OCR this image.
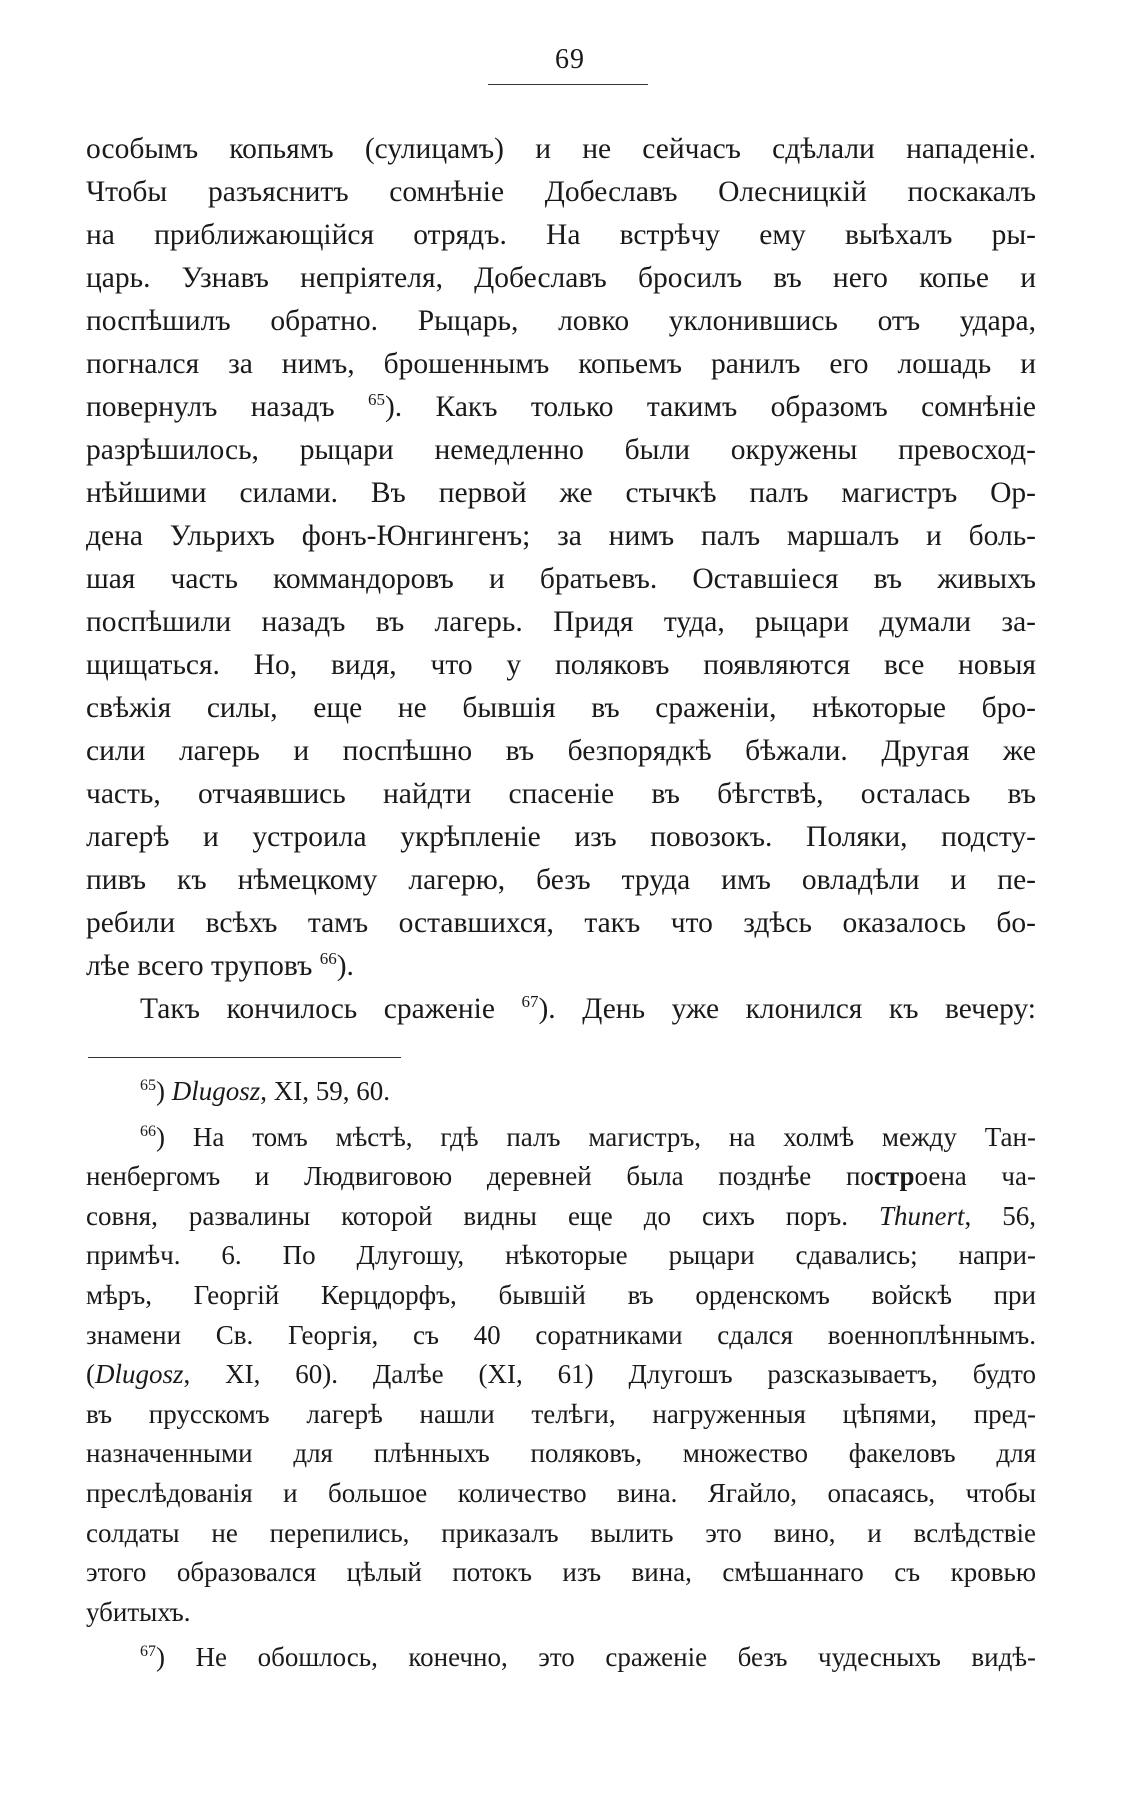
69
особымъ копьямъ (сулицамъ) и не сейчасъ сдѣлали нападеніе.
Чтобы разъяснитъ сомнѣніе Добеславъ Олесницкій поскакалъ
на приближающійся отрядъ. На встрѣчу ему выѣхалъ ры-
царь. Узнавъ непріятеля, Добеславъ бросилъ въ него копье и
поспѣшилъ обратно. Рыцарь, ловко уклонившись отъ удара,
погнался за нимъ, брошеннымъ копьемъ ранилъ его лошадь и
повернулъ назадъ $^{65}$). Какъ только такимъ образомъ сомнѣніе
разрѣшилось, рыцари немедленно были окружены превосход-
нѣйшими силами. Въ первой же стычкѣ палъ магистръ Ор-
дена Ульрихъ фонъ-Юнгингенъ; за нимъ палъ маршалъ и боль-
шая часть коммандоровъ и братьевъ. Оставшіеся въ живыхъ
поспѣшили назадъ въ лагерь. Придя туда, рыцари думали за-
щищаться. Но, видя, что у поляковъ появляются все новыя
свѣжія силы, еще не бывшія въ сраженіи, нѣкоторые бро-
сили лагерь и поспѣшно въ безпорядкѣ бѣжали. Другая же
часть, отчаявшись найдти спасеніе въ бѣгствѣ, осталась въ
лагерѣ и устроила укрѣпленіе изъ повозокъ. Поляки, подсту-
пивъ къ нѣмецкому лагерю, безъ труда имъ овладѣли и пе-
ребили всѣхъ тамъ оставшихся, такъ что здѣсь оказалось бо-
лѣе всего труповъ $^{66}$).
Такъ кончилось сраженіе $^{67}$). День уже клонился къ вечеру:
$^{65}$) Dlugosz, XI, 59, 60.
$^{66}$) На томъ мѣстѣ, гдѣ палъ магистръ, на холмѣ между Тан-
ненбергомъ и Людвиговою деревней была позднѣе построена ча-
совня, развалины которой видны еще до сихъ поръ. Thunert, 56,
примѣч. 6. По Длугошу, нѣкоторые рыцари сдавались; напри-
мѣръ, Георгій Керцдорфъ, бывшій въ орденскомъ войскѣ при
знамени Св. Георгія, съ 40 соратниками сдался военноплѣннымъ.
(Dlugosz, XI, 60). Далѣе (XI, 61) Длугошъ разсказываетъ, будто
въ прусскомъ лагерѣ нашли телѣги, нагруженныя цѣпями, пред-
назначенными для плѣнныхъ поляковъ, множество факеловъ для
преслѣдованія и большое количество вина. Ягайло, опасаясь, чтобы
солдаты не перепились, приказалъ вылить это вино, и вслѣдствіе
этого образовался цѣлый потокъ изъ вина, смѣшаннаго съ кровью
убитыхъ.
$^{67}$) Не обошлось, конечно, это сраженіе безъ чудесныхъ видѣ-
